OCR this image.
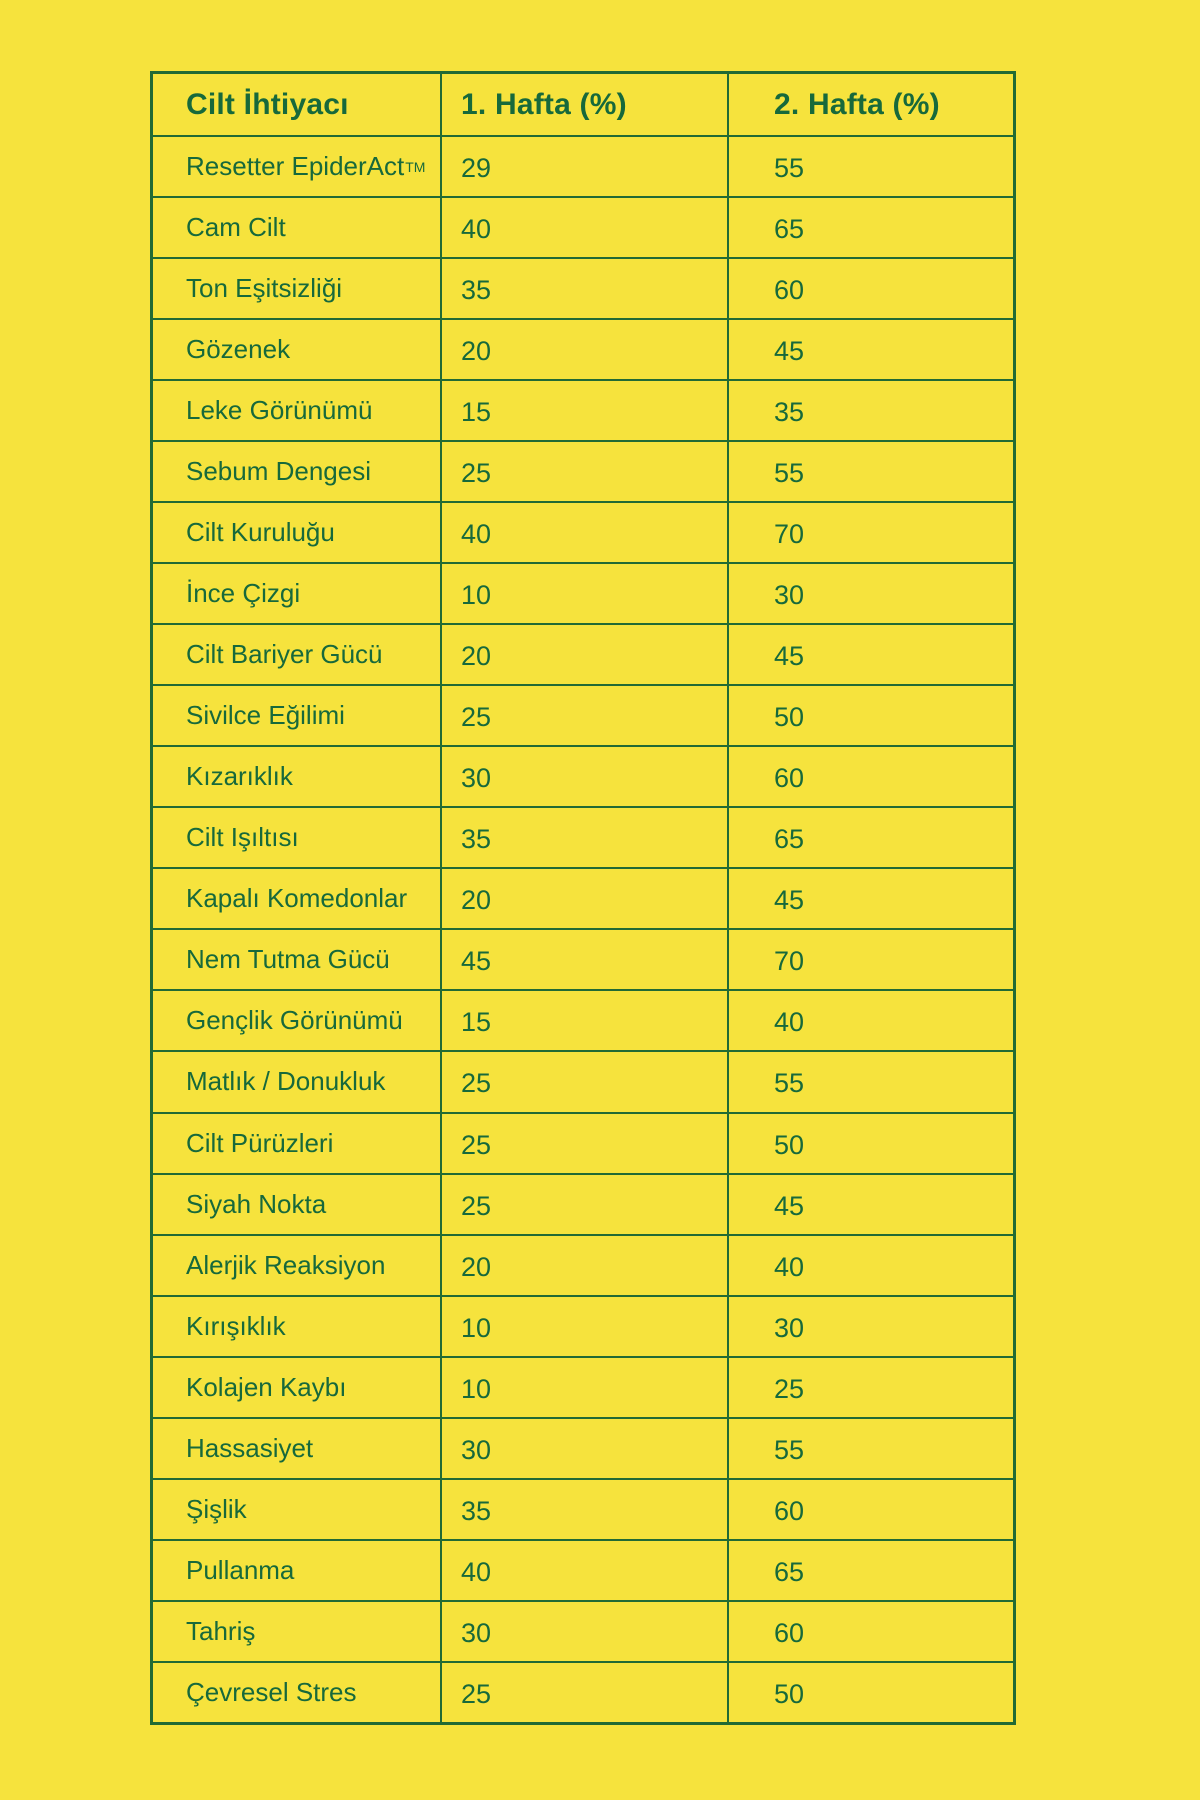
Cilt İhtiyacı	1. Hafta (%)	2. Hafta (%)
Resetter EpiderAct TM	29	55
Cam Cilt	40	65
Ton Eşitsizliği	35	60
Gözenek	20	45
Leke Görünümü	15	35
Sebum Dengesi	25	55
Cilt Kuruluğu	40	70
İnce Çizgi	10	30
Cilt Bariyer Gücü	20	45
Sivilce Eğilimi	25	50
Kızarıklık	30	60
Cilt Işıltısı	35	65
Kapalı Komedonlar	20	45
Nem Tutma Gücü	45	70
Gençlik Görünümü	15	40
Matlık / Donukluk	25	55
Cilt Pürüzleri	25	50
Siyah Nokta	25	45
Alerjik Reaksiyon	20	40
Kırışıklık	10	30
Kolajen Kaybı	10	25
Hassasiyet	30	55
Şişlik	35	60
Pullanma	40	65
Tahriş	30	60
Çevresel Stres	25	50
